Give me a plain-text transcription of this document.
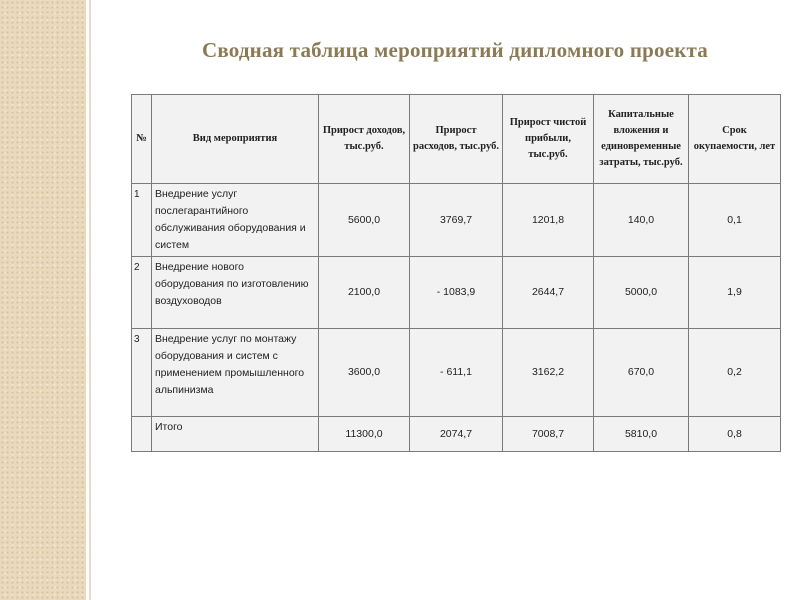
Сводная таблица мероприятий дипломного проекта
№	Вид мероприятия	Прирост доходов, тыс.руб.	Прирост расходов, тыс.руб.	Прирост чистой прибыли, тыс.руб.	Капитальные вложения и единовременные затраты, тыс.руб.	Срок окупаемости, лет
1	Внедрение услуг послегарантийного обслуживания оборудования и систем	5600,0	3769,7	1201,8	140,0	0,1
2	Внедрение нового оборудования по изготовлению воздуховодов	2100,0	- 1083,9	2644,7	5000,0	1,9
3	Внедрение услуг по монтажу оборудования и систем с применением промышленного альпинизма	3600,0	- 611,1	3162,2	670,0	0,2
	Итого	11300,0	2074,7	7008,7	5810,0	0,8
